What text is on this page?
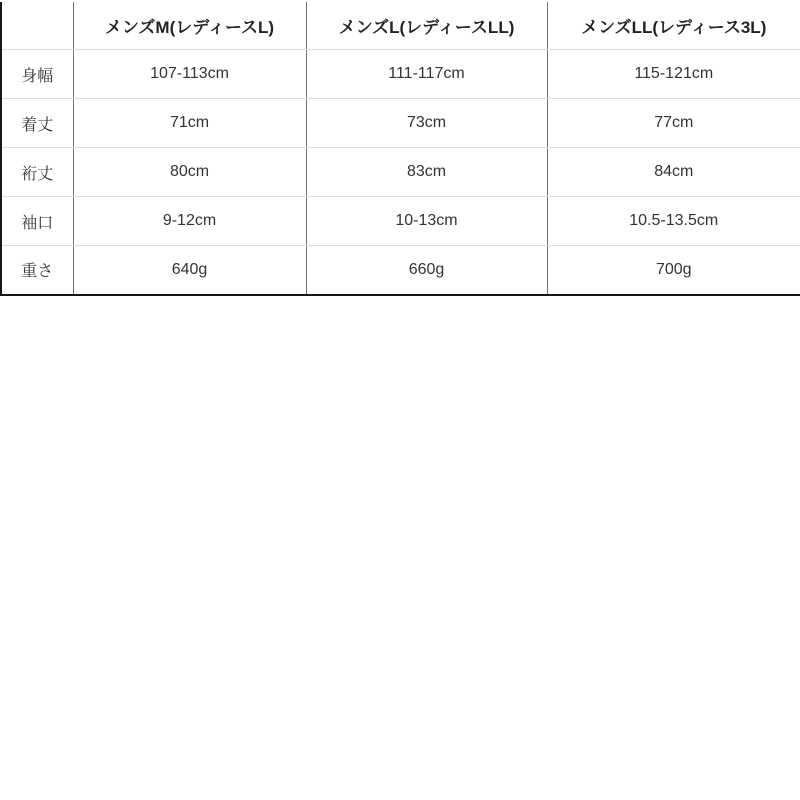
	メンズM(レディースL)	メンズL(レディースLL)	メンズLL(レディース3L)
身幅	107-113cm	111-117cm	115-121cm
着丈	71cm	73cm	77cm
裄丈	80cm	83cm	84cm
袖口	9-12cm	10-13cm	10.5-13.5cm
重さ	640g	660g	700g
